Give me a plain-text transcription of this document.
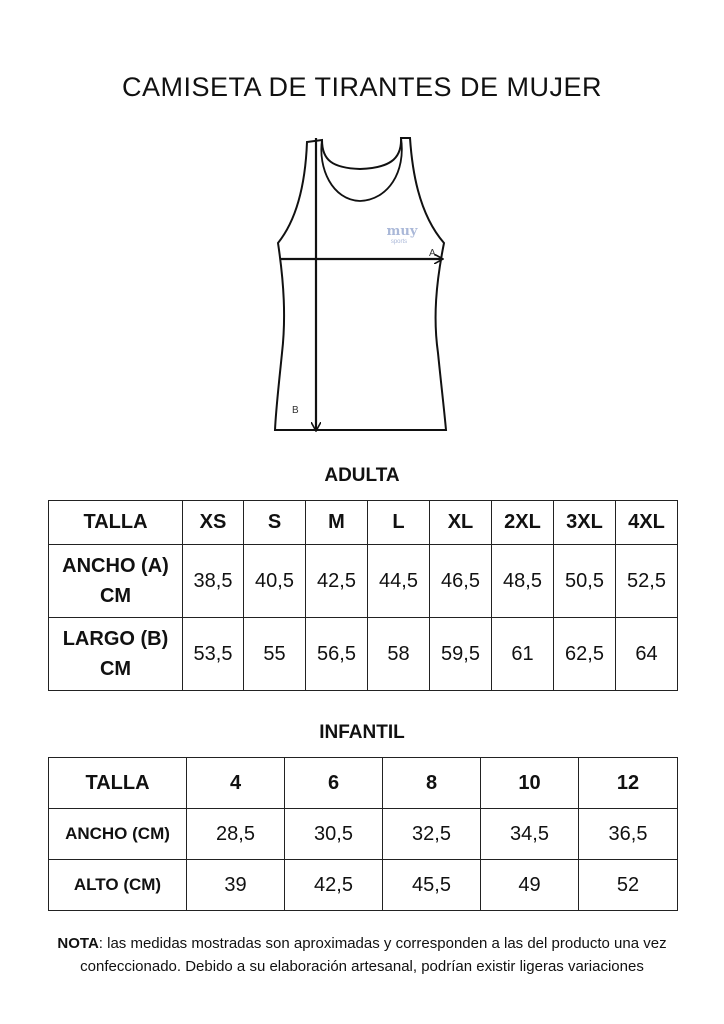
CAMISETA DE TIRANTES DE MUJER
muy
sports
A
B
ADULTA
TALLA	XS	S	M	L	XL	2XL	3XL	4XL
ANCHO (A)
CM	38,5	40,5	42,5	44,5	46,5	48,5	50,5	52,5
LARGO (B)
CM	53,5	55	56,5	58	59,5	61	62,5	64
INFANTIL
TALLA	4	6	8	10	12
ANCHO (CM)	28,5	30,5	32,5	34,5	36,5
ALTO (CM)	39	42,5	45,5	49	52
NOTA: las medidas mostradas son aproximadas y corresponden a las del producto una vez confeccionado. Debido a su elaboración artesanal, podrían existir ligeras variaciones
